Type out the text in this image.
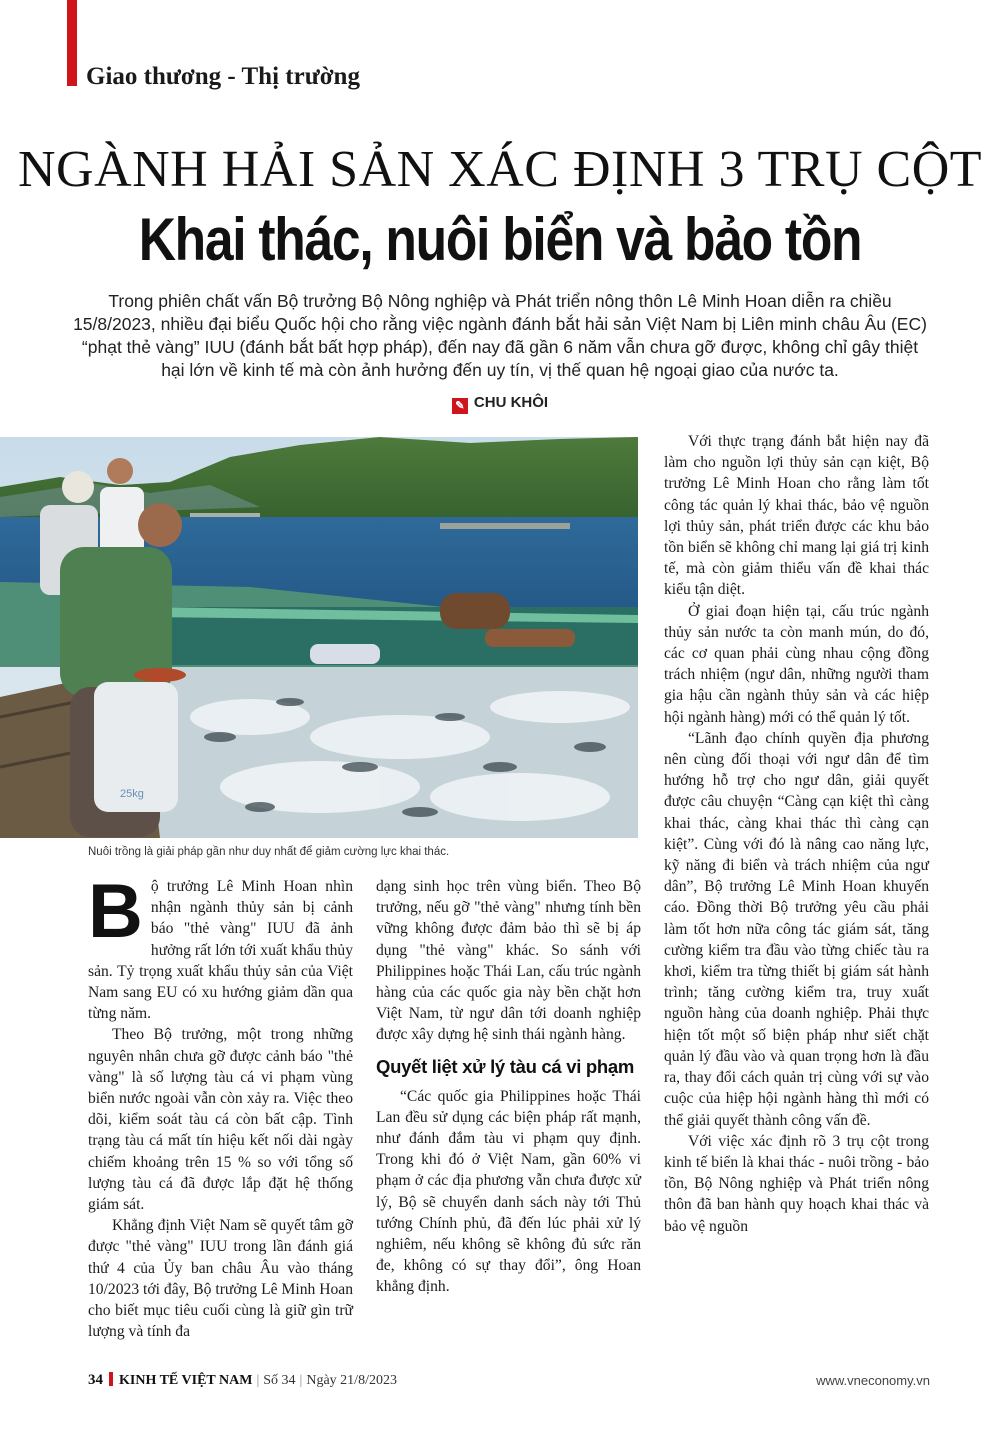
Giao thương - Thị trường
NGÀNH HẢI SẢN XÁC ĐỊNH 3 TRỤ CỘT
Khai thác, nuôi biển và bảo tồn
Trong phiên chất vấn Bộ trưởng Bộ Nông nghiệp và Phát triển nông thôn Lê Minh Hoan diễn ra chiều 15/8/2023, nhiều đại biểu Quốc hội cho rằng việc ngành đánh bắt hải sản Việt Nam bị Liên minh châu Âu (EC) “phạt thẻ vàng” IUU (đánh bắt bất hợp pháp), đến nay đã gần 6 năm vẫn chưa gỡ được, không chỉ gây thiệt hại lớn về kinh tế mà còn ảnh hưởng đến uy tín, vị thế quan hệ ngoại giao của nước ta.
✎ CHU KHÔI
25kg
Nuôi trồng là giải pháp gần như duy nhất để giảm cường lực khai thác.

Bộ trưởng Lê Minh Hoan nhìn nhận ngành thủy sản bị cảnh báo "thẻ vàng" IUU đã ảnh hưởng rất lớn tới xuất khẩu thủy sản. Tỷ trọng xuất khẩu thủy sản của Việt Nam sang EU có xu hướng giảm dần qua từng năm.

Theo Bộ trưởng, một trong những nguyên nhân chưa gỡ được cảnh báo "thẻ vàng" là số lượng tàu cá vi phạm vùng biển nước ngoài vẫn còn xảy ra. Việc theo dõi, kiểm soát tàu cá còn bất cập. Tình trạng tàu cá mất tín hiệu kết nối dài ngày chiếm khoảng trên 15 % so với tổng số lượng tàu cá đã được lắp đặt hệ thống giám sát.

Khẳng định Việt Nam sẽ quyết tâm gỡ được "thẻ vàng" IUU trong lần đánh giá thứ 4 của Ủy ban châu Âu vào tháng 10/2023 tới đây, Bộ trưởng Lê Minh Hoan cho biết mục tiêu cuối cùng là giữ gìn trữ lượng và tính đa

dạng sinh học trên vùng biển. Theo Bộ trưởng, nếu gỡ "thẻ vàng" nhưng tính bền vững không được đảm bảo thì sẽ bị áp dụng "thẻ vàng" khác. So sánh với Philippines hoặc Thái Lan, cấu trúc ngành hàng của các quốc gia này bền chặt hơn Việt Nam, từ ngư dân tới doanh nghiệp được xây dựng hệ sinh thái ngành hàng.

Quyết liệt xử lý tàu cá vi phạm

“Các quốc gia Philippines hoặc Thái Lan đều sử dụng các biện pháp rất mạnh, như đánh đắm tàu vi phạm quy định. Trong khi đó ở Việt Nam, gần 60% vi phạm ở các địa phương vẫn chưa được xử lý, Bộ sẽ chuyển danh sách này tới Thủ tướng Chính phủ, đã đến lúc phải xử lý nghiêm, nếu không sẽ không đủ sức răn đe, không có sự thay đổi”, ông Hoan khẳng định.

Với thực trạng đánh bắt hiện nay đã làm cho nguồn lợi thủy sản cạn kiệt, Bộ trưởng Lê Minh Hoan cho rằng làm tốt công tác quản lý khai thác, bảo vệ nguồn lợi thủy sản, phát triển được các khu bảo tồn biển sẽ không chỉ mang lại giá trị kinh tế, mà còn giảm thiểu vấn đề khai thác kiểu tận diệt.

Ở giai đoạn hiện tại, cấu trúc ngành thủy sản nước ta còn manh mún, do đó, các cơ quan phải cùng nhau cộng đồng trách nhiệm (ngư dân, những người tham gia hậu cần ngành thủy sản và các hiệp hội ngành hàng) mới có thể quản lý tốt.

“Lãnh đạo chính quyền địa phương nên cùng đối thoại với ngư dân để tìm hướng hỗ trợ cho ngư dân, giải quyết được câu chuyện “Càng cạn kiệt thì càng khai thác, càng khai thác thì càng cạn kiệt”. Cùng với đó là nâng cao năng lực, kỹ năng đi biển và trách nhiệm của ngư dân”, Bộ trưởng Lê Minh Hoan khuyến cáo. Đồng thời Bộ trưởng yêu cầu phải làm tốt hơn nữa công tác giám sát, tăng cường kiểm tra đầu vào từng chiếc tàu ra khơi, kiểm tra từng thiết bị giám sát hành trình; tăng cường kiểm tra, truy xuất nguồn hàng của doanh nghiệp. Phải thực hiện tốt một số biện pháp như siết chặt quản lý đầu vào và quan trọng hơn là đầu ra, thay đổi cách quản trị cùng với sự vào cuộc của hiệp hội ngành hàng thì mới có thể giải quyết thành công vấn đề.

Với việc xác định rõ 3 trụ cột trong kinh tế biển là khai thác - nuôi trồng - bảo tồn, Bộ Nông nghiệp và Phát triển nông thôn đã ban hành quy hoạch khai thác và bảo vệ nguồn

34 KINH TẾ VIỆT NAM | Số 34 | Ngày 21/8/2023	www.vneconomy.vn
